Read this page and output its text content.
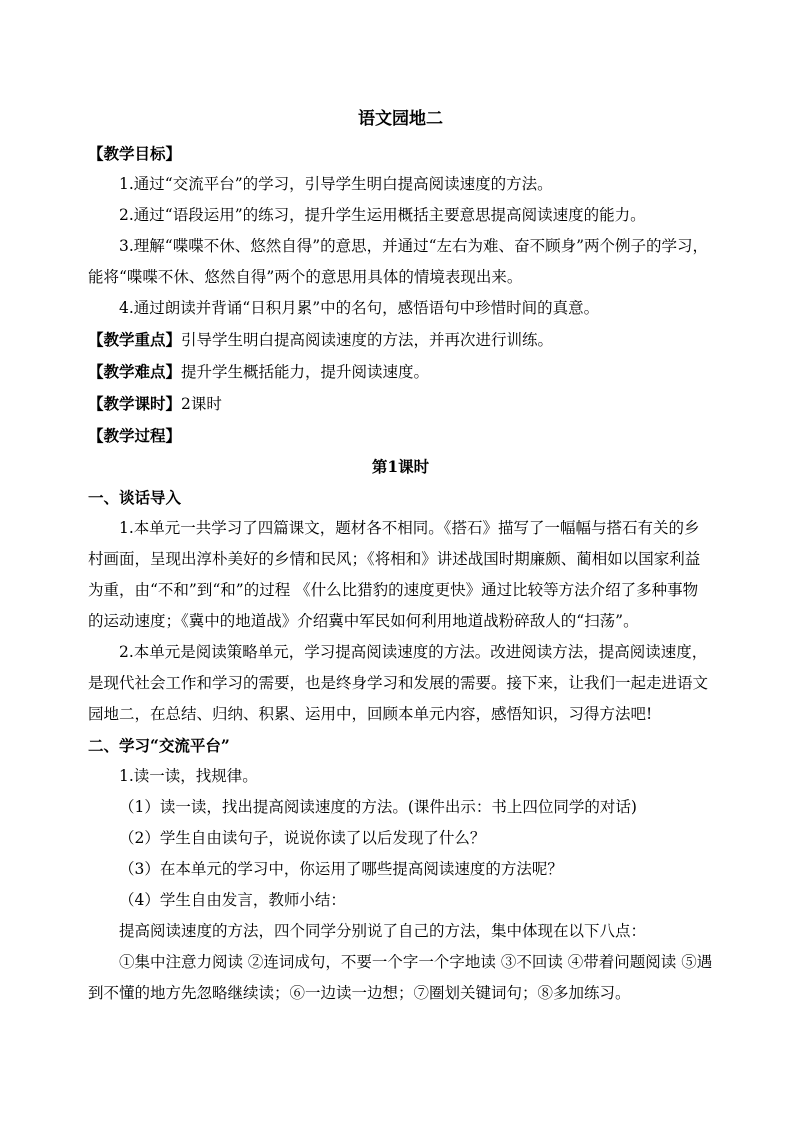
语文园地二

【教学目标】

1.通过“交流平台”的学习，引导学生明白提高阅读速度的方法。

2.通过“语段运用”的练习，提升学生运用概括主要意思提高阅读速度的能力。

3.理解“喋喋不休、悠然自得”的意思，并通过“左右为难、奋不顾身”两个例子的学习，能将“喋喋不休、悠然自得”两个的意思用具体的情境表现出来。

4.通过朗读并背诵“日积月累”中的名句，感悟语句中珍惜时间的真意。

【教学重点】引导学生明白提高阅读速度的方法，并再次进行训练。

【教学难点】提升学生概括能力，提升阅读速度。

【教学课时】2课时

【教学过程】

第1课时

一、谈话导入

1.本单元一共学习了四篇课文，题材各不相同。《搭石》描写了一幅幅与搭石有关的乡村画面，呈现出淳朴美好的乡情和民风；《将相和》讲述战国时期廉颇、蔺相如以国家利益为重，由“不和”到“和”的过程 《什么比猎豹的速度更快》通过比较等方法介绍了多种事物的运动速度；《冀中的地道战》介绍冀中军民如何利用地道战粉碎敌人的“扫荡”。

2.本单元是阅读策略单元，学习提高阅读速度的方法。改进阅读方法，提高阅读速度，是现代社会工作和学习的需要，也是终身学习和发展的需要。接下来，让我们一起走进语文园地二，在总结、归纳、积累、运用中，回顾本单元内容，感悟知识，习得方法吧!

二、学习“交流平台”

1.读一读，找规律。

（1）读一读，找出提高阅读速度的方法。(课件出示：书上四位同学的对话)

（2）学生自由读句子，说说你读了以后发现了什么？

（3）在本单元的学习中，你运用了哪些提高阅读速度的方法呢？

（4）学生自由发言，教师小结：

提高阅读速度的方法，四个同学分别说了自己的方法，集中体现在以下八点：

①集中注意力阅读 ②连词成句，不要一个字一个字地读 ③不回读 ④带着问题阅读 ⑤遇到不懂的地方先忽略继续读；⑥一边读一边想；⑦圈划关键词句；⑧多加练习。
